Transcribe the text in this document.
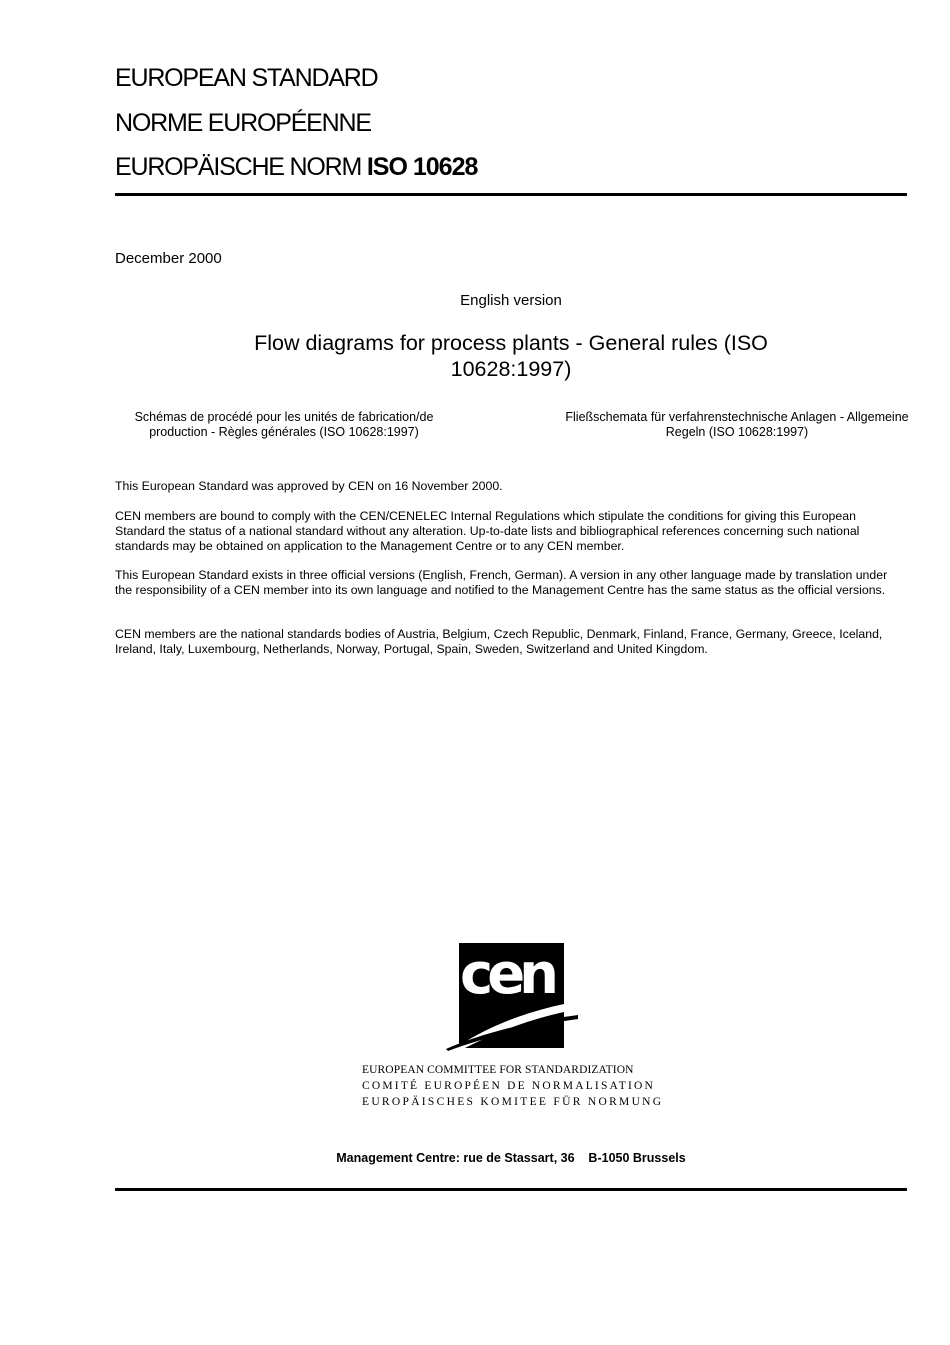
EUROPEAN STANDARD
NORME EUROPÉENNE
EUROPÄISCHE NORM ISO 10628
December 2000
English version
Flow diagrams for process plants - General rules (ISO 10628:1997)
Schémas de procédé pour les unités de fabrication/de production - Règles générales (ISO 10628:1997)
Fließschemata für verfahrenstechnische Anlagen - Allgemeine Regeln (ISO 10628:1997)

This European Standard was approved by CEN on 16 November 2000.

CEN members are bound to comply with the CEN/CENELEC Internal Regulations which stipulate the conditions for giving this European Standard the status of a national standard without any alteration. Up-to-date lists and bibliographical references concerning such national standards may be obtained on application to the Management Centre or to any CEN member.

This European Standard exists in three official versions (English, French, German). A version in any other language made by translation under the responsibility of a CEN member into its own language and notified to the Management Centre has the same status as the official versions.

CEN members are the national standards bodies of Austria, Belgium, Czech Republic, Denmark, Finland, France, Germany, Greece, Iceland, Ireland, Italy, Luxembourg, Netherlands, Norway, Portugal, Spain, Sweden, Switzerland and United Kingdom.

cen
EUROPEAN COMMITTEE FOR STANDARDIZATION
COMITÉ EUROPÉEN DE NORMALISATION
EUROPÄISCHES KOMITEE FÜR NORMUNG
Management Centre: rue de Stassart, 36    B-1050 Brussels
